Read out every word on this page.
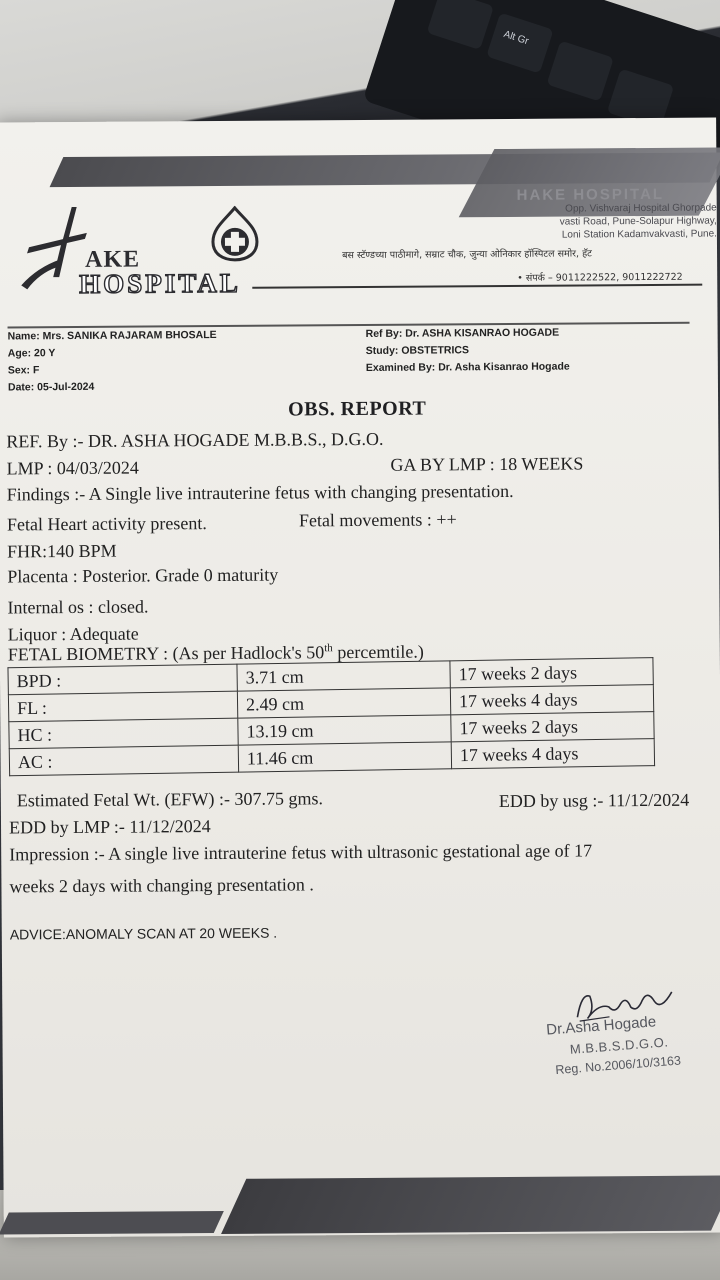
Alt Gr
HAKE HOSPITAL
AKE
HOSPITAL
Opp. Vishvaraj Hospital Ghorpade
vasti Road, Pune-Solapur Highway,
Loni Station Kadamvakvasti, Pune.
बस स्टॅण्डच्या पाठीमागे, सम्राट चौक, जुन्या ओनिकार हॉस्पिटल समोर, हॅट
• संपर्क – 9011222522, 9011222722
Name: Mrs. SANIKA RAJARAM BHOSALE
Age: 20 Y
Sex: F
Date: 05-Jul-2024
Ref By: Dr. ASHA KISANRAO HOGADE
Study: OBSTETRICS
Examined By: Dr. Asha Kisanrao Hogade
OBS. REPORT
REF. By :- DR. ASHA HOGADE M.B.B.S., D.G.O.
LMP : 04/03/2024	GA BY LMP : 18 WEEKS
Findings :- A Single live intrauterine fetus with changing presentation.
Fetal Heart activity present.	Fetal movements : ++
FHR:140 BPM
Placenta : Posterior. Grade 0 maturity
Internal os : closed.
Liquor : Adequate
FETAL BIOMETRY : (As per Hadlock's 50th percemtile.)
BPD :	3.71 cm	17 weeks 2 days
FL :	2.49 cm	17 weeks 4 days
HC :	13.19 cm	17 weeks 2 days
AC :	11.46 cm	17 weeks 4 days
Estimated Fetal Wt. (EFW) :- 307.75 gms.	EDD by usg :- 11/12/2024
EDD by LMP :- 11/12/2024
Impression :- A single live intrauterine fetus with ultrasonic gestational age of 17
weeks 2 days with changing presentation .
ADVICE:ANOMALY SCAN AT 20 WEEKS .
Dr.Asha Hogade
M.B.B.S.D.G.O.
Reg. No.2006/10/3163
